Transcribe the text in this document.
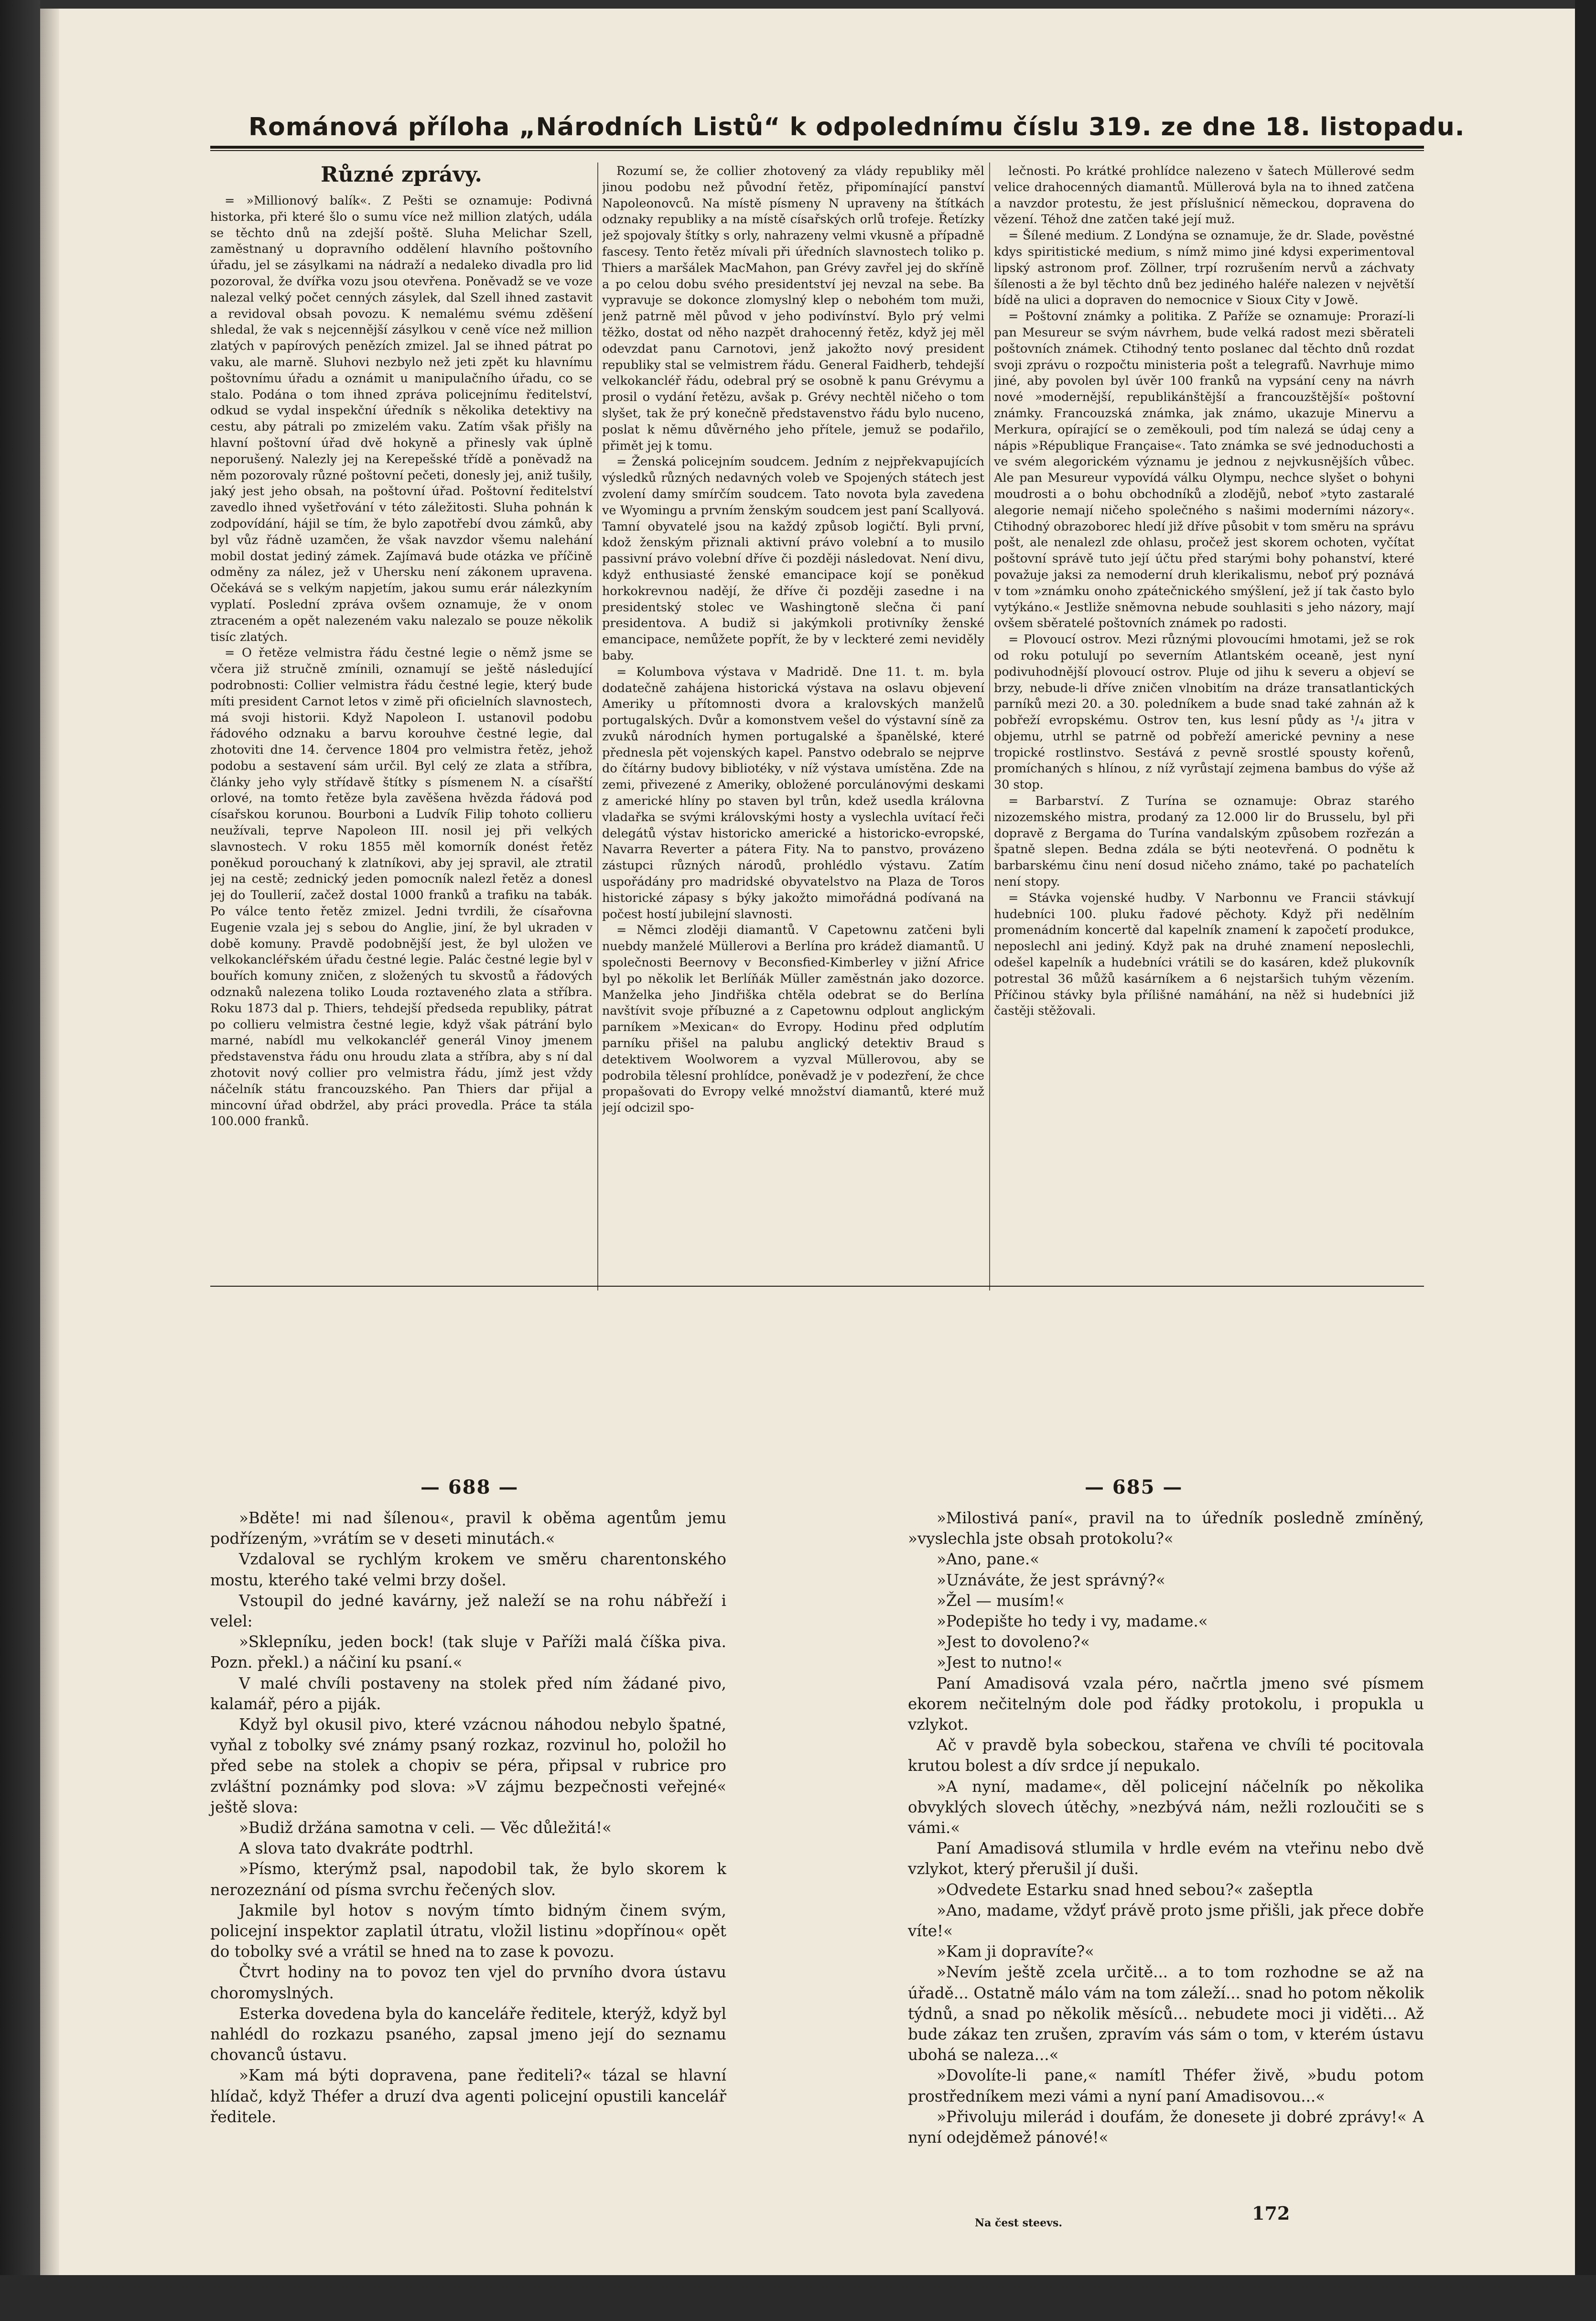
Románová příloha „Národních Listů“ k odpolednímu číslu 319. ze dne 18. listopadu.
Různé zprávy.

= »Millionový balík«. Z Pešti se oznamuje: Podivná historka, při které šlo o sumu více než million zlatých, udála se těchto dnů na zdejší poště. Sluha Melichar Szell, zaměstnaný u dopravního oddělení hlavního poštovního úřadu, jel se zásylkami na nádraží a nedaleko divadla pro lid pozoroval, že dvířka vozu jsou otevřena. Poněvadž se ve voze nalezal velký počet cenných zásylek, dal Szell ihned zastavit a revidoval obsah povozu. K nemalému svému zděšení shledal, že vak s nejcennější zásylkou v ceně více než million zlatých v papírových penězích zmizel. Jal se ihned pátrat po vaku, ale marně. Sluhovi nezbylo než jeti zpět ku hlavnímu poštovnímu úřadu a oznámit u manipulačního úřadu, co se stalo. Podána o tom ihned zpráva policejnímu ředitelství, odkud se vydal inspekční úředník s několika detektivy na cestu, aby pátrali po zmizelém vaku. Zatím však přišly na hlavní poštovní úřad dvě hokyně a přinesly vak úplně neporušený. Nalezly jej na Kerepešské třídě a poněvadž na něm pozorovaly různé poštovní pečeti, donesly jej, aniž tušily, jaký jest jeho obsah, na poštovní úřad. Poštovní ředitelství zavedlo ihned vyšetřování v této záležitosti. Sluha pohnán k zodpovídání, hájil se tím, že bylo zapotřebí dvou zámků, aby byl vůz řádně uzamčen, že však navzdor všemu nalehání mobil dostat jediný zámek. Zajímavá bude otázka ve příčině odměny za nález, jež v Uhersku není zákonem upravena. Očekává se s velkým napjetím, jakou sumu erár nálezkyním vyplatí. Poslední zpráva ovšem oznamuje, že v onom ztraceném a opět nalezeném vaku nalezalo se pouze několik tisíc zlatých.

= O řetěze velmistra řádu čestné legie o němž jsme se včera již stručně zmínili, oznamují se ještě následující podrobnosti: Collier velmistra řádu čestné legie, který bude míti president Carnot letos v zimě při oficielních slavnostech, má svoji historii. Když Napoleon I. ustanovil podobu řádového odznaku a barvu korouhve čestné legie, dal zhotoviti dne 14. července 1804 pro velmistra řetěz, jehož podobu a sestavení sám určil. Byl celý ze zlata a stříbra, články jeho vyly střídavě štítky s písmenem N. a císařští orlové, na tomto řetěze byla zavěšena hvězda řádová pod císařskou korunou. Bourboni a Ludvík Filip tohoto collieru neužívali, teprve Napoleon III. nosil jej při velkých slavnostech. V roku 1855 měl komorník donést řetěz poněkud porouchaný k zlatníkovi, aby jej spravil, ale ztratil jej na cestě; zednický jeden pomocník nalezl řetěz a donesl jej do Toullerií, začež dostal 1000 franků a trafiku na tabák. Po válce tento řetěz zmizel. Jedni tvrdili, že císařovna Eugenie vzala jej s sebou do Anglie, jiní, že byl ukraden v době komuny. Pravdě podobnější jest, že byl uložen ve velkokancléřském úřadu čestné legie. Palác čestné legie byl v bouřích komuny zničen, z složených tu skvostů a řádových odznaků nalezena toliko Louda roztaveného zlata a stříbra. Roku 1873 dal p. Thiers, tehdejší předseda republiky, pátrat po collieru velmistra čestné legie, když však pátrání bylo marné, nabídl mu velkokancléř generál Vinoy jmenem představenstva řádu onu hroudu zlata a stříbra, aby s ní dal zhotovit nový collier pro velmistra řádu, jímž jest vždy náčelník státu francouzského. Pan Thiers dar přijal a mincovní úřad obdržel, aby práci provedla. Práce ta stála 100.000 franků.

Rozumí se, že collier zhotovený za vlády republiky měl jinou podobu než původní řetěz, připomínající panství Napoleonovců. Na místě písmeny N upraveny na štítkách odznaky republiky a na místě císařských orlů trofeje. Řetízky jež spojovaly štítky s orly, nahrazeny velmi vkusně a případně fascesy. Tento řetěz mívali při úředních slavnostech toliko p. Thiers a maršálek MacMahon, pan Grévy zavřel jej do skříně a po celou dobu svého presidentství jej nevzal na sebe. Ba vypravuje se dokonce zlomyslný klep o nebohém tom muži, jenž patrně měl původ v jeho podivínství. Bylo prý velmi těžko, dostat od něho nazpět drahocenný řetěz, když jej měl odevzdat panu Carnotovi, jenž jakožto nový president republiky stal se velmistrem řádu. General Faidherb, tehdejší velkokancléř řádu, odebral prý se osobně k panu Grévymu a prosil o vydání řetězu, avšak p. Grévy nechtěl ničeho o tom slyšet, tak že prý konečně představenstvo řádu bylo nuceno, poslat k němu důvěrného jeho přítele, jemuž se podařilo, přimět jej k tomu.

= Ženská policejním soudcem. Jedním z nejpřekvapujících výsledků různých nedavných voleb ve Spojených státech jest zvolení damy smírčím soudcem. Tato novota byla zavedena ve Wyomingu a prvním ženským soudcem jest paní Scallyová. Tamní obyvatelé jsou na každý způsob logičtí. Byli první, kdož ženským přiznali aktivní právo volební a to musilo passivní právo volební dříve či později následovat. Není divu, když enthusiasté ženské emancipace kojí se poněkud horkokrevnou nadějí, že dříve či později zasedne i na presidentský stolec ve Washingtoně slečna či paní presidentova. A budiž si jakýmkoli protivníky ženské emancipace, nemůžete popřít, že by v leckteré zemi neviděly baby.

= Kolumbova výstava v Madridě. Dne 11. t. m. byla dodatečně zahájena historická výstava na oslavu objevení Ameriky u přítomnosti dvora a kralovských manželů portugalských. Dvůr a komonstvem vešel do výstavní síně za zvuků národních hymen portugalské a španělské, které přednesla pět vojenských kapel. Panstvo odebralo se nejprve do čítárny budovy bibliotéky, v níž výstava umístěna. Zde na zemi, přivezené z Ameriky, obložené porculánovými deskami z americké hlíny po staven byl trůn, kdež usedla královna vladařka se svými královskými hosty a vyslechla uvítací řeči delegátů výstav historicko americké a historicko-evropské, Navarra Reverter a pátera Fity. Na to panstvo, provázeno zástupci různých národů, prohlédlo výstavu. Zatím uspořádány pro madridské obyvatelstvo na Plaza de Toros historické zápasy s býky jakožto mimořádná podívaná na počest hostí jubilejní slavnosti.

= Němci zloději diamantů. V Capetownu zatčeni byli nuebdy manželé Müllerovi a Berlína pro krádež diamantů. U společnosti Beernovy v Beconsfied-Kimberley v jižní Africe byl po několik let Berlíňák Müller zaměstnán jako dozorce. Manželka jeho Jindřiška chtěla odebrat se do Berlína navštívit svoje příbuzné a z Capetownu odplout anglickým parníkem »Mexican« do Evropy. Hodinu před odplutím parníku přišel na palubu anglický detektiv Braud s detektivem Woolworem a vyzval Müllerovou, aby se podrobila tělesní prohlídce, poněvadž je v podezření, že chce propašovati do Evropy velké množství diamantů, které muž její odcizil spo-

lečnosti. Po krátké prohlídce nalezeno v šatech Müllerové sedm velice drahocenných diamantů. Müllerová byla na to ihned zatčena a navzdor protestu, že jest příslušnicí německou, dopravena do vězení. Téhož dne zatčen také její muž.

= Šílené medium. Z Londýna se oznamuje, že dr. Slade, pověstné kdys spiritistické medium, s nímž mimo jiné kdysi experimentoval lipský astronom prof. Zöllner, trpí rozrušením nervů a záchvaty šílenosti a že byl těchto dnů bez jediného haléře nalezen v největší bídě na ulici a dopraven do nemocnice v Sioux City v Jowě.

= Poštovní známky a politika. Z Paříže se oznamuje: Prorazí-li pan Mesureur se svým návrhem, bude velká radost mezi sběrateli poštovních známek. Ctihodný tento poslanec dal těchto dnů rozdat svoji zprávu o rozpočtu ministeria pošt a telegrafů. Navrhuje mimo jiné, aby povolen byl úvěr 100 franků na vypsání ceny na návrh nové »modernější, republikánštější a francouzštější« poštovní známky. Francouzská známka, jak známo, ukazuje Minervu a Merkura, opírající se o zeměkouli, pod tím nalezá se údaj ceny a nápis »République Française«. Tato známka se své jednoduchosti a ve svém alegorickém významu je jednou z nejvkusnějších vůbec. Ale pan Mesureur vypovídá válku Olympu, nechce slyšet o bohyni moudrosti a o bohu obchodníků a zlodějů, neboť »tyto zastaralé alegorie nemají ničeho společného s našimi moderními názory«. Ctihodný obrazoborec hledí již dříve působit v tom směru na správu pošt, ale nenalezl zde ohlasu, pročež jest skorem ochoten, vyčítat poštovní správě tuto její účtu před starými bohy pohanství, které považuje jaksi za nemoderní druh klerikalismu, neboť prý poznává v tom »známku onoho zpátečnického smýšlení, jež jí tak často bylo vytýkáno.« Jestliže sněmovna nebude souhlasiti s jeho názory, mají ovšem sběratelé poštovních známek po radosti.

= Plovoucí ostrov. Mezi různými plovoucími hmotami, jež se rok od roku potulují po severním Atlantském oceaně, jest nyní podivuhodnější plovoucí ostrov. Pluje od jihu k severu a objeví se brzy, nebude-li dříve zničen vlnobitím na dráze transatlantických parníků mezi 20. a 30. poledníkem a bude snad také zahnán až k pobřeží evropskému. Ostrov ten, kus lesní půdy as ¹/₄ jitra v objemu, utrhl se patrně od pobřeží americké pevniny a nese tropické rostlinstvo. Sestává z pevně srostlé spousty kořenů, promíchaných s hlínou, z níž vyrůstají zejmena bambus do výše až 30 stop.

= Barbarství. Z Turína se oznamuje: Obraz starého nizozemského mistra, prodaný za 12.000 lir do Brusselu, byl při dopravě z Bergama do Turína vandalským způsobem rozřezán a špatně slepen. Bedna zdála se býti neotevřená. O podnětu k barbarskému činu není dosud ničeho známo, také po pachatelích není stopy.

= Stávka vojenské hudby. V Narbonnu ve Francii stávkují hudebníci 100. pluku řadové pěchoty. Když při nedělním promenádním koncertě dal kapelník znamení k započetí produkce, neposlechl ani jediný. Když pak na druhé znamení neposlechli, odešel kapelník a hudebníci vrátili se do kasáren, kdež plukovník potrestal 36 můžů kasárníkem a 6 nejstaršich tuhým vězením. Příčinou stávky byla přílišné namáhání, na něž si hudebníci již častěji stěžovali.

— 688 —	— 685 —

»Bděte! mi nad šílenou«, pravil k oběma agentům jemu podřízeným, »vrátím se v deseti minutách.«

Vzdaloval se rychlým krokem ve směru charentonského mostu, kterého také velmi brzy došel.

Vstoupil do jedné kavárny, jež naleží se na rohu nábřeží i velel:

»Sklepníku, jeden bock! (tak sluje v Paříži malá číška piva. Pozn. překl.) a náčiní ku psaní.«

V malé chvíli postaveny na stolek před ním žádané pivo, kalamář, péro a piják.

Když byl okusil pivo, které vzácnou náhodou nebylo špatné, vyňal z tobolky své známy psaný rozkaz, rozvinul ho, položil ho před sebe na stolek a chopiv se péra, připsal v rubrice pro zvláštní poznámky pod slova: »V zájmu bezpečnosti veřejné« ještě slova:

»Budiž držána samotna v celi. — Věc důležitá!«

A slova tato dvakráte podtrhl.

»Písmo, kterýmž psal, napodobil tak, že bylo skorem k nerozeznání od písma svrchu řečených slov.

Jakmile byl hotov s novým tímto bidným činem svým, policejní inspektor zaplatil útratu, vložil listinu »dopřínou« opět do tobolky své a vrátil se hned na to zase k povozu.

Čtvrt hodiny na to povoz ten vjel do prvního dvora ústavu choromyslných.

Esterka dovedena byla do kanceláře ředitele, kterýž, když byl nahlédl do rozkazu psaného, zapsal jmeno její do seznamu chovanců ústavu.

»Kam má býti dopravena, pane řediteli?« tázal se hlavní hlídač, když Théfer a druzí dva agenti policejní opustili kancelář ředitele.

»Milostivá paní«, pravil na to úředník posledně zmíněný, »vyslechla jste obsah protokolu?«

»Ano, pane.«

»Uznáváte, že jest správný?«

»Žel — musím!«

»Podepište ho tedy i vy, madame.«

»Jest to dovoleno?«

»Jest to nutno!«

Paní Amadisová vzala péro, načrtla jmeno své písmem ekorem nečitelným dole pod řádky protokolu, i propukla u vzlykot.

Ač v pravdě byla sobeckou, stařena ve chvíli té pocitovala krutou bolest a dív srdce jí nepukalo.

»A nyní, madame«, děl policejní náčelník po několika obvyklých slovech útěchy, »nezbývá nám, nežli rozloučiti se s vámi.«

Paní Amadisová stlumila v hrdle evém na vteřinu nebo dvě vzlykot, který přerušil jí duši.

»Odvedete Estarku snad hned sebou?« zašeptla

»Ano, madame, vždyť právě proto jsme přišli, jak přece dobře víte!«

»Kam ji dopravíte?«

»Nevím ještě zcela určitě... a to tom rozhodne se až na úřadě... Ostatně málo vám na tom záleží... snad ho potom několik týdnů, a snad po několik měsíců... nebudete moci ji viděti... Až bude zákaz ten zrušen, zpravím vás sám o tom, v kterém ústavu ubohá se naleza...«

»Dovolíte-li pane,« namítl Théfer živě, »budu potom prostředníkem mezi vámi a nyní paní Amadisovou...«

»Přivoluju milerád i doufám, že donesete ji dobré zprávy!« A nyní odejděmež pánové!«

Na čest steevs.	172
